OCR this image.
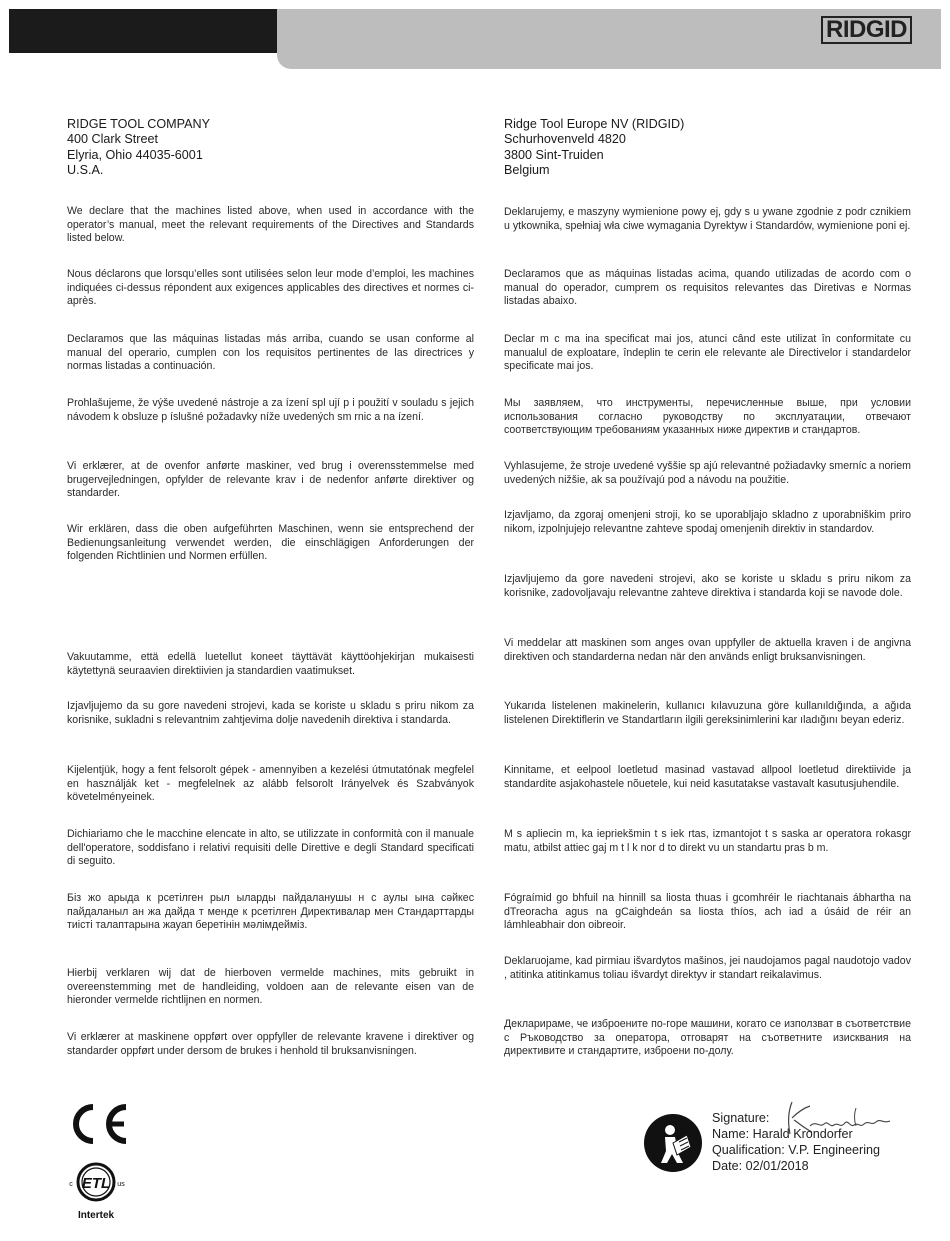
RIDGID
RIDGE TOOL COMPANY
400 Clark Street
Elyria, Ohio 44035-6001
U.S.A.
Ridge Tool Europe NV (RIDGID)
Schurhovenveld 4820
3800 Sint-Truiden
Belgium
We declare that the machines listed above, when used in accordance with the operator’s manual, meet the relevant requirements of the Directives and Standards listed below.
Nous déclarons que lorsqu’elles sont utilisées selon leur mode d’emploi, les machines indiquées ci-dessus répondent aux exigences applicables des directives et normes ci-après.
Declaramos que las máquinas listadas más arriba, cuando se usan conforme al manual del operario, cumplen con los requisitos pertinentes de las directrices y normas listadas a continuación.
Prohlašujeme, že výše uvedené nástroje a za ízení spl ují p i použití v souladu s jejich návodem k obsluze p íslušné požadavky níže uvedených sm rnic a na ízení.
Vi erklærer, at de ovenfor anførte maskiner, ved brug i overensstemmelse med brugervejledningen, opfylder de relevante krav i de nedenfor anførte direktiver og standarder.
Wir erklären, dass die oben aufgeführten Maschinen, wenn sie entsprechend der Bedienungsanleitung verwendet werden, die einschlägigen Anforderungen der folgenden Richtlinien und Normen erfüllen.
Vakuutamme, että edellä luetellut koneet täyttävät käyttöohjekirjan mukaisesti käytettynä seuraavien direktiivien ja standardien vaatimukset.
Izjavljujemo da su gore navedeni strojevi, kada se koriste u skladu s priru nikom za korisnike, sukladni s relevantnim zahtjevima dolje navedenih direktiva i standarda.
Kijelentjük, hogy a fent felsorolt gépek - amennyiben a kezelési útmutatónak megfelel en használják ket - megfelelnek az alább felsorolt Irányelvek és Szabványok követelményeinek.
Dichiariamo che le macchine elencate in alto, se utilizzate in conformità con il manuale dell'operatore, soddisfano i relativi requisiti delle Direttive e degli Standard specificati di seguito.
Біз жо арыда к рсетілген рыл ыларды пайдаланушы н с аулы ына сәйкес пайдаланыл ан жа дайда т менде к рсетілген Директивалар мен Стандарттарды тиісті талаптарына жауап беретінін мәлімдейміз.
Hierbij verklaren wij dat de hierboven vermelde machines, mits gebruikt in overeenstemming met de handleiding, voldoen aan de relevante eisen van de hieronder vermelde richtlijnen en normen.
Vi erklærer at maskinene oppført over oppfyller de relevante kravene i direktiver og standarder oppført under dersom de brukes i henhold til bruksanvisningen.
Deklarujemy, e maszyny wymienione powy ej, gdy s u ywane zgodnie z podr cznikiem u ytkownika, spełniaj wła ciwe wymagania Dyrektyw i Standardów, wymienione poni ej.
Declaramos que as máquinas listadas acima, quando utilizadas de acordo com o manual do operador, cumprem os requisitos relevantes das Diretivas e Normas listadas abaixo.
Declar m c ma ina specificat mai jos, atunci când este utilizat în conformitate cu manualul de exploatare, îndeplin te cerin ele relevante ale Directivelor i standardelor specificate mai jos.
Мы заявляем, что инструменты, перечисленные выше, при условии использования согласно руководству по эксплуатации, отвечают соответствующим требованиям указанных ниже директив и стандартов.
Vyhlasujeme, že stroje uvedené vyššie sp ajú relevantné požiadavky smerníc a noriem uvedených nižšie, ak sa používajú pod a návodu na použitie.
Izjavljamo, da zgoraj omenjeni stroji, ko se uporabljajo skladno z uporabniškim priro nikom, izpolnjujejo relevantne zahteve spodaj omenjenih direktiv in standardov.
Izjavljujemo da gore navedeni strojevi, ako se koriste u skladu s priru nikom za korisnike, zadovoljavaju relevantne zahteve direktiva i standarda koji se navode dole.
Vi meddelar att maskinen som anges ovan uppfyller de aktuella kraven i de angivna direktiven och standarderna nedan när den används enligt bruksanvisningen.
Yukarıda listelenen makinelerin, kullanıcı kılavuzuna göre kullanıldığında, a ağıda listelenen Direktiflerin ve Standartların ilgili gereksinimlerini kar ıladığını beyan ederiz.
Kinnitame, et eelpool loetletud masinad vastavad allpool loetletud direktiivide ja standardite asjakohastele nõuetele, kui neid kasutatakse vastavalt kasutusjuhendile.
M s apliecin m, ka iepriekšmin t s iek rtas, izmantojot t s saska ar operatora rokasgr matu, atbilst attiec gaj m t l k nor d to direkt vu un standartu pras b m.
Fógraímid go bhfuil na hinnill sa liosta thuas i gcomhréir le riachtanais ábhartha na dTreoracha agus na gCaighdeán sa liosta thíos, ach iad a úsáid de réir an lámhleabhair don oibreoir.
Deklaruojame, kad pirmiau išvardytos mašinos, jei naudojamos pagal naudotojo vadov , atitinka atitinkamus toliau išvardyt direktyv ir standart reikalavimus.
Декларираме, че изброените по-горе машини, когато се използват в съответствие с Ръководство за оператора, отговарят на съответните изисквания на директивите и стандартите, изброени по-долу.
ETL
c	us
Intertek
Signature:
Name: Harald Krondorfer
Qualification: V.P. Engineering
Date: 02/01/2018
